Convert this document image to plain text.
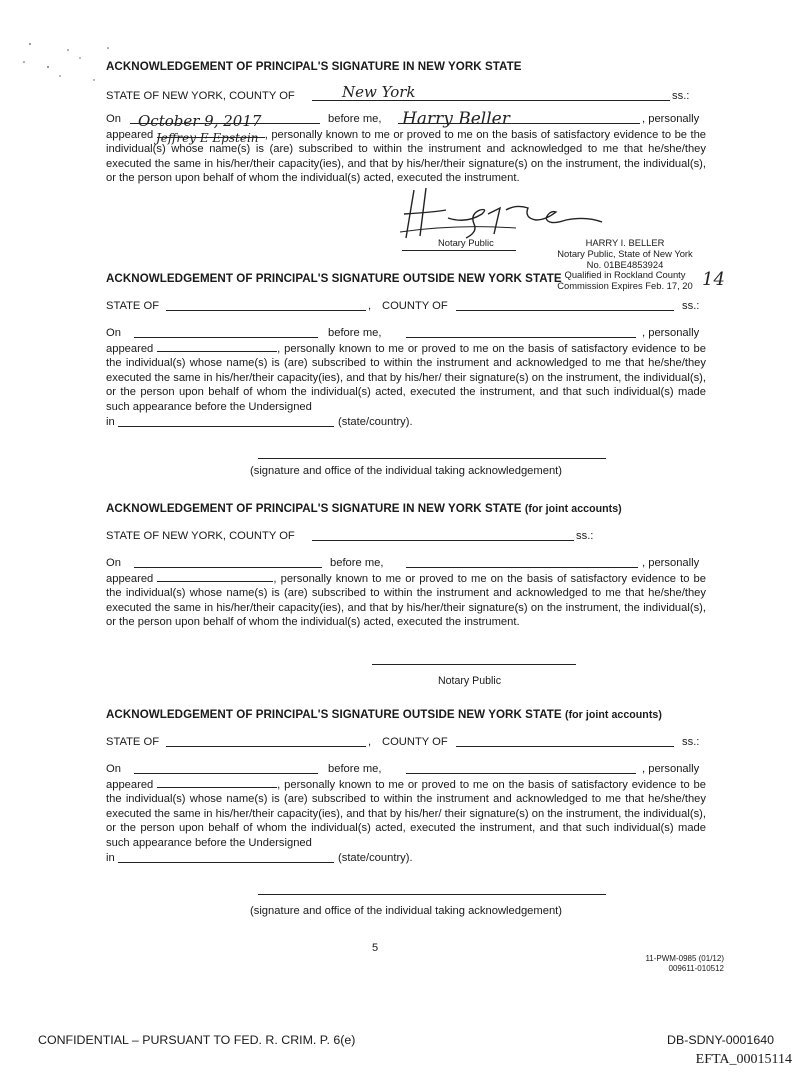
ACKNOWLEDGEMENT OF PRINCIPAL'S SIGNATURE IN NEW YORK STATE
STATE OF NEW YORK, COUNTY OF	ss.:
On	before me,	, personally
appeared	, personally known to me or proved to me on the basis of satisfactory evidence to be the individual(s) whose name(s) is (are) subscribed to within the instrument and acknowledged to me that he/she/they executed the same in his/her/their capacity(ies), and that by his/her/their signature(s) on the instrument, the individual(s), or the person upon behalf of whom the individual(s) acted, executed the instrument.
Notary Public
New York
October 9, 2017	Harry Beller
Jeffrey E Epstein
HARRY I. BELLER
Notary Public, State of New York
No. 01BE4853924
Qualified in Rockland County
Commission Expires Feb. 17, 20 14
ACKNOWLEDGEMENT OF PRINCIPAL'S SIGNATURE OUTSIDE NEW YORK STATE
STATE OF	, COUNTY OF	ss.:
On	before me,	, personally
appeared	, personally known to me or proved to me on the basis of satisfactory evidence to be the individual(s) whose name(s) is (are) subscribed to within the instrument and acknowledged to me that he/she/they executed the same in his/her/their capacity(ies), and that by his/her/ their signature(s) on the instrument, the individual(s), or the person upon behalf of whom the individual(s) acted, executed the instrument, and that such individual(s) made such appearance before the Undersigned
in	(state/country).
(signature and office of the individual taking acknowledgement)
ACKNOWLEDGEMENT OF PRINCIPAL'S SIGNATURE IN NEW YORK STATE (for joint accounts)
STATE OF NEW YORK, COUNTY OF	ss.:
On	before me,	, personally
appeared	, personally known to me or proved to me on the basis of satisfactory evidence to be the individual(s) whose name(s) is (are) subscribed to within the instrument and acknowledged to me that he/she/they executed the same in his/her/their capacity(ies), and that by his/her/their signature(s) on the instrument, the individual(s), or the person upon behalf of whom the individual(s) acted, executed the instrument.
Notary Public
ACKNOWLEDGEMENT OF PRINCIPAL'S SIGNATURE OUTSIDE NEW YORK STATE (for joint accounts)
STATE OF	, COUNTY OF	ss.:
On	before me,	, personally
appeared	, personally known to me or proved to me on the basis of satisfactory evidence to be the individual(s) whose name(s) is (are) subscribed to within the instrument and acknowledged to me that he/she/they executed the same in his/her/their capacity(ies), and that by his/her/ their signature(s) on the instrument, the individual(s), or the person upon behalf of whom the individual(s) acted, executed the instrument, and that such individual(s) made such appearance before the Undersigned
in	(state/country).
(signature and office of the individual taking acknowledgement)
5
11-PWM-0985 (01/12)
009611-010512
CONFIDENTIAL – PURSUANT TO FED. R. CRIM. P. 6(e)	DB-SDNY-0001640
EFTA_00015114
